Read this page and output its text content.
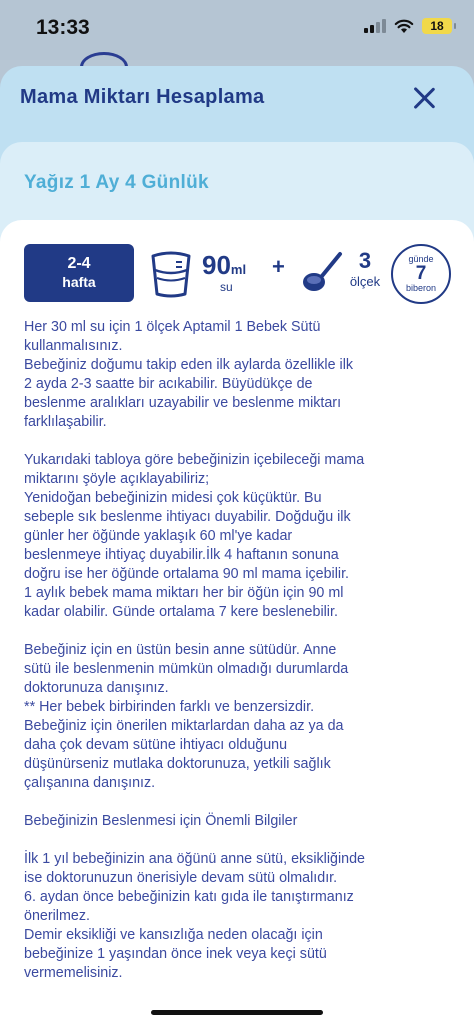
13:33	18
Mama Miktarı Hesaplama
Yağız 1 Ay 4 Günlük
2-4
hafta
90ml
su
+	3
ölçek
günde
7
biberon

Her 30 ml su için 1 ölçek Aptamil 1 Bebek Sütü
kullanmalısınız.
Bebeğiniz doğumu takip eden ilk aylarda özellikle ilk
2 ayda 2-3 saatte bir acıkabilir. Büyüdükçe de
beslenme aralıkları uzayabilir ve beslenme miktarı
farklılaşabilir.

Yukarıdaki tabloya göre bebeğinizin içebileceği mama
miktarını şöyle açıklayabiliriz;
Yenidoğan bebeğinizin midesi çok küçüktür. Bu
sebeple sık beslenme ihtiyacı duyabilir. Doğduğu ilk
günler her öğünde yaklaşık 60 ml'ye kadar
beslenmeye ihtiyaç duyabilir.İlk 4 haftanın sonuna
doğru ise her öğünde ortalama 90 ml mama içebilir.
1 aylık bebek mama miktarı her bir öğün için 90 ml
kadar olabilir. Günde ortalama 7 kere beslenebilir.

Bebeğiniz için en üstün besin anne sütüdür. Anne
sütü ile beslenmenin mümkün olmadığı durumlarda
doktorunuza danışınız.
** Her bebek birbirinden farklı ve benzersizdir.
Bebeğiniz için önerilen miktarlardan daha az ya da
daha çok devam sütüne ihtiyacı olduğunu
düşünürseniz mutlaka doktorunuza, yetkili sağlık
çalışanına danışınız.

Bebeğinizin Beslenmesi için Önemli Bilgiler

İlk 1 yıl bebeğinizin ana öğünü anne sütü, eksikliğinde
ise doktorunuzun önerisiyle devam sütü olmalıdır.
6. aydan önce bebeğinizin katı gıda ile tanıştırmanız
önerilmez.
Demir eksikliği ve kansızlığa neden olacağı için
bebeğinize 1 yaşından önce inek veya keçi sütü
vermemelisiniz.
